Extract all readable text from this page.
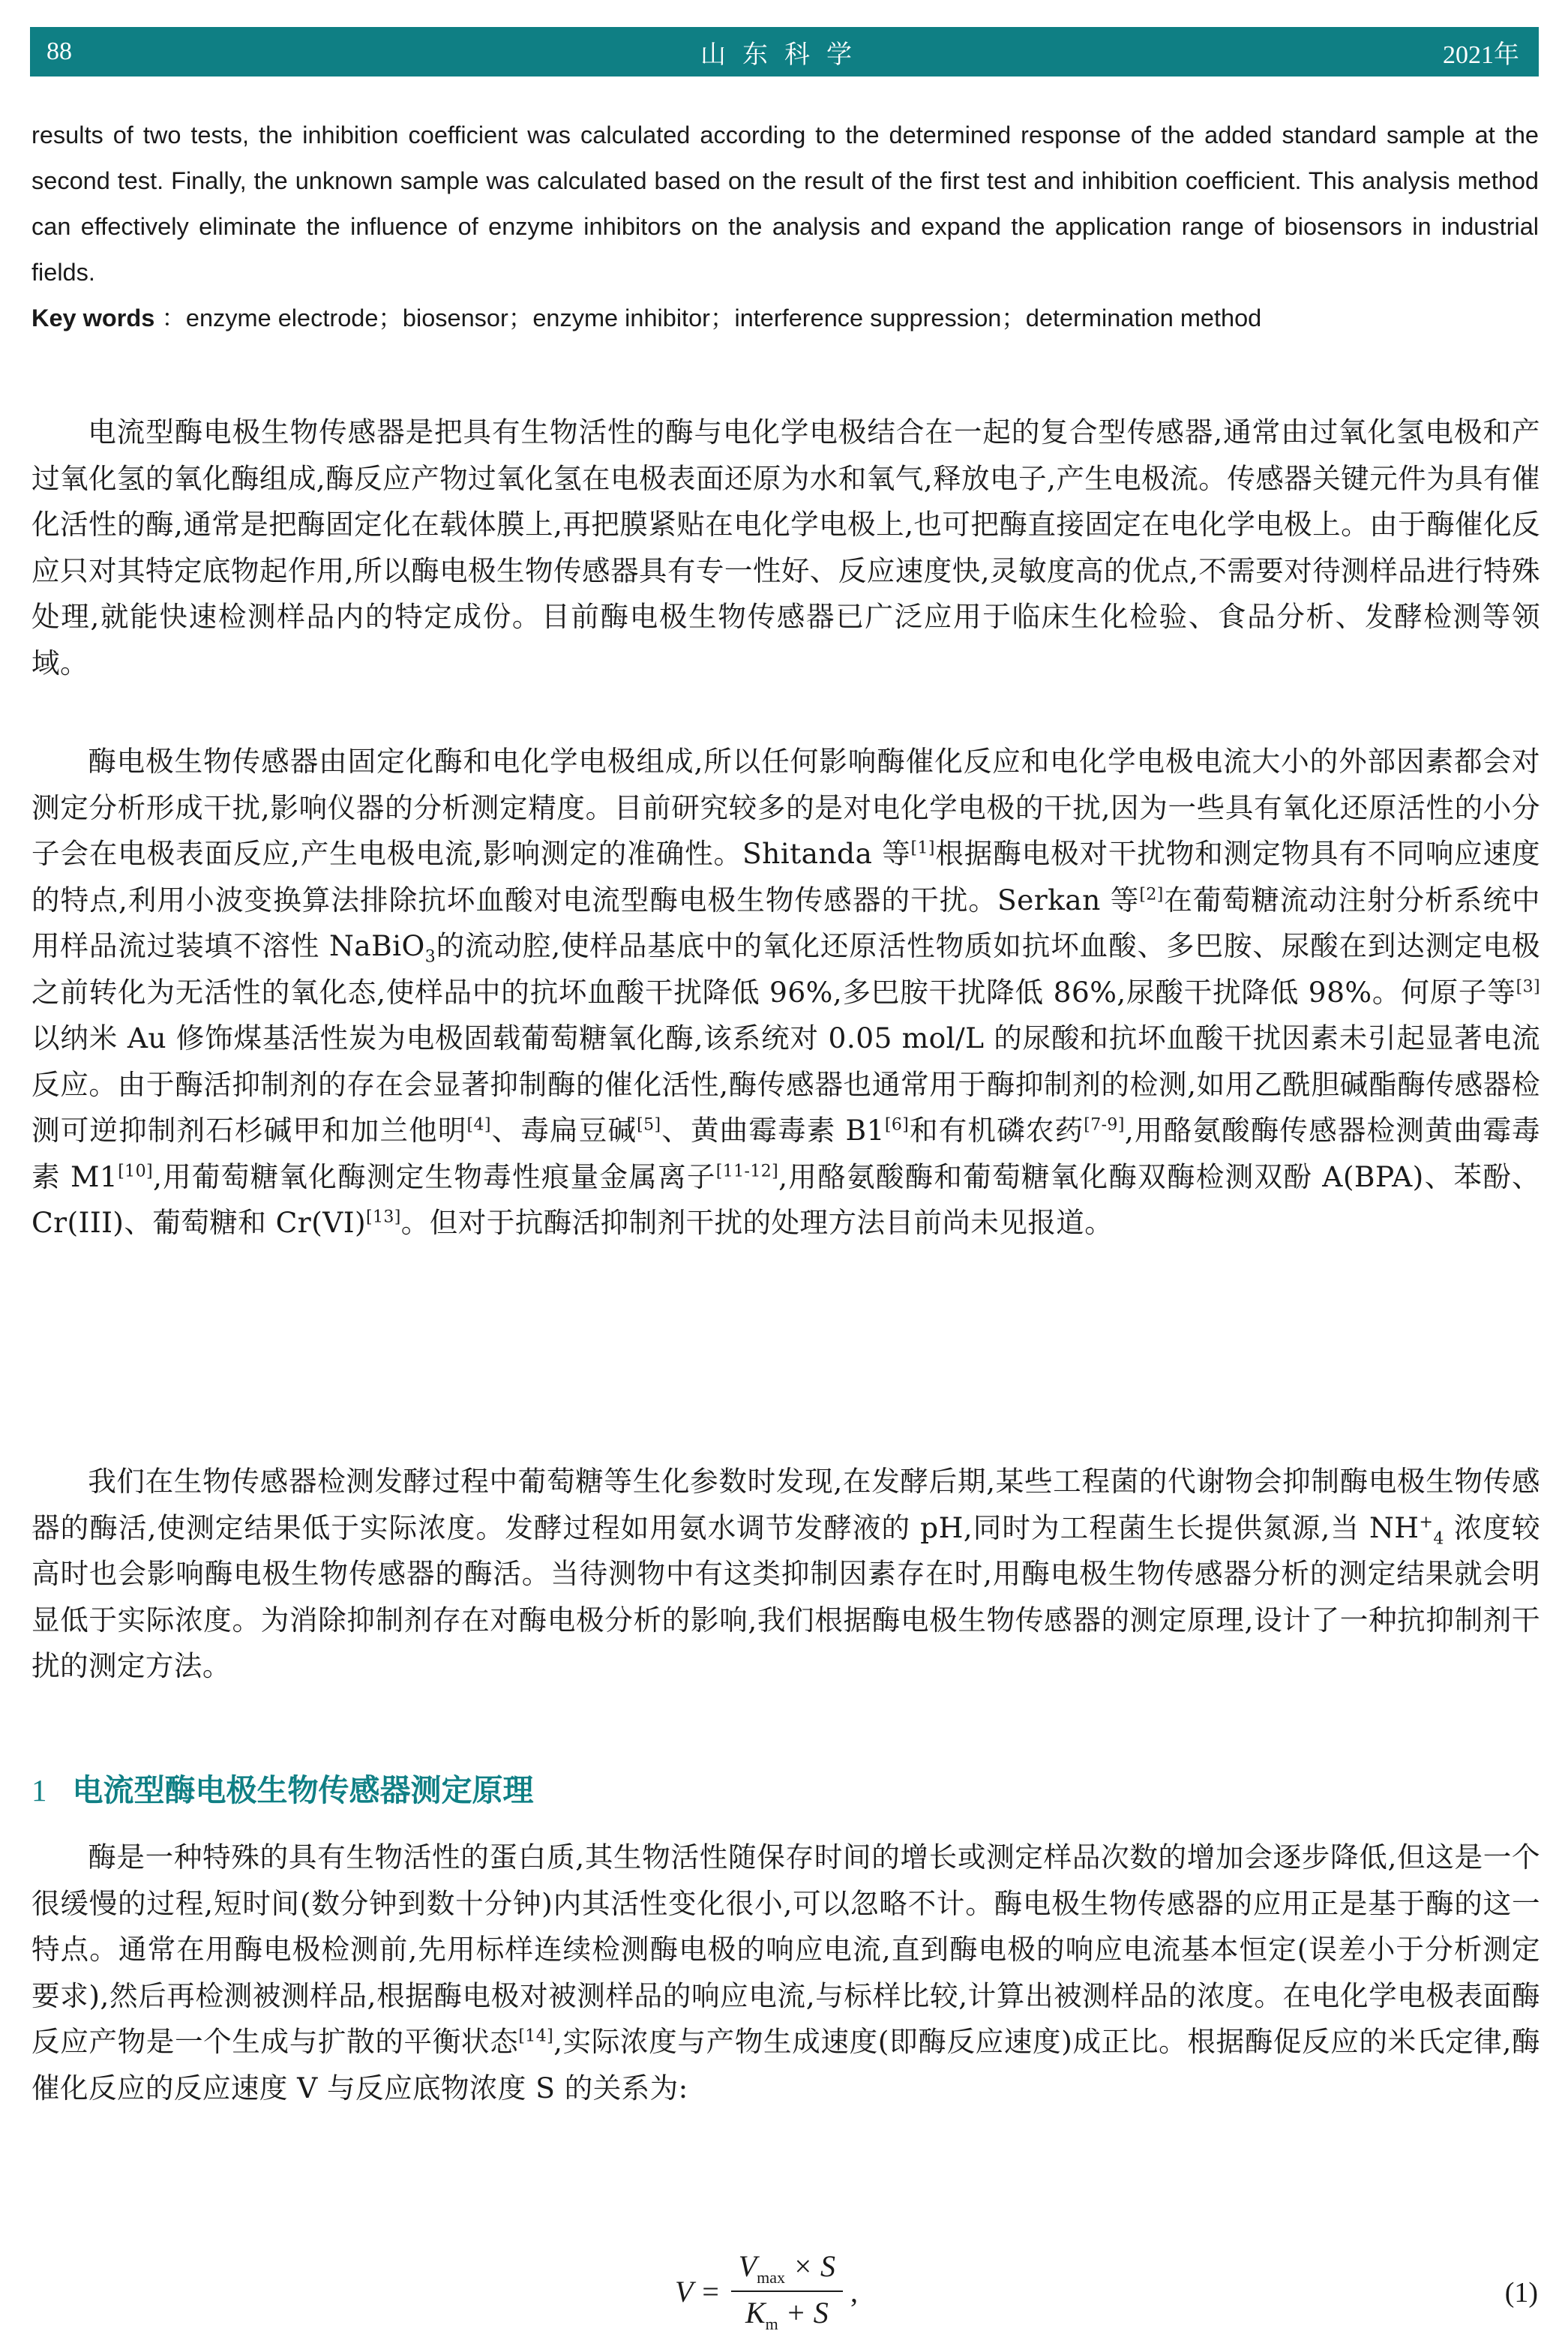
88	山东科学	2021年
results of two tests, the inhibition coefficient was calculated according to the determined response of the added standard sample at the second test. Finally, the unknown sample was calculated based on the result of the first test and inhibition coefficient. This analysis method can effectively eliminate the influence of enzyme inhibitors on the analysis and expand the application range of biosensors in industrial fields.
Key words ：enzyme electrode；biosensor；enzyme inhibitor；interference suppression；determination method
电流型酶电极生物传感器是把具有生物活性的酶与电化学电极结合在一起的复合型传感器,通常由过氧化氢电极和产过氧化氢的氧化酶组成,酶反应产物过氧化氢在电极表面还原为水和氧气,释放电子,产生电极流。传感器关键元件为具有催化活性的酶,通常是把酶固定化在载体膜上,再把膜紧贴在电化学电极上,也可把酶直接固定在电化学电极上。由于酶催化反应只对其特定底物起作用,所以酶电极生物传感器具有专一性好、反应速度快,灵敏度高的优点,不需要对待测样品进行特殊处理,就能快速检测样品内的特定成份。目前酶电极生物传感器已广泛应用于临床生化检验、食品分析、发酵检测等领域。
酶电极生物传感器由固定化酶和电化学电极组成,所以任何影响酶催化反应和电化学电极电流大小的外部因素都会对测定分析形成干扰,影响仪器的分析测定精度。目前研究较多的是对电化学电极的干扰,因为一些具有氧化还原活性的小分子会在电极表面反应,产生电极电流,影响测定的准确性。Shitanda 等[1]根据酶电极对干扰物和测定物具有不同响应速度的特点,利用小波变换算法排除抗坏血酸对电流型酶电极生物传感器的干扰。Serkan 等[2]在葡萄糖流动注射分析系统中用样品流过装填不溶性 NaBiO$_3$的流动腔,使样品基底中的氧化还原活性物质如抗坏血酸、多巴胺、尿酸在到达测定电极之前转化为无活性的氧化态,使样品中的抗坏血酸干扰降低 96%,多巴胺干扰降低 86%,尿酸干扰降低 98%。何原子等[3]以纳米 Au 修饰煤基活性炭为电极固载葡萄糖氧化酶,该系统对 0.05 mol/L 的尿酸和抗坏血酸干扰因素未引起显著电流反应。由于酶活抑制剂的存在会显著抑制酶的催化活性,酶传感器也通常用于酶抑制剂的检测,如用乙酰胆碱酯酶传感器检测可逆抑制剂石杉碱甲和加兰他明[4]、毒扁豆碱[5]、黄曲霉毒素 B1[6]和有机磷农药[7-9],用酪氨酸酶传感器检测黄曲霉毒素 M1[10],用葡萄糖氧化酶测定生物毒性痕量金属离子[11-12],用酪氨酸酶和葡萄糖氧化酶双酶检测双酚 A(BPA)、苯酚、Cr(III)、葡萄糖和 Cr(VI)[13]。但对于抗酶活抑制剂干扰的处理方法目前尚未见报道。
我们在生物传感器检测发酵过程中葡萄糖等生化参数时发现,在发酵后期,某些工程菌的代谢物会抑制酶电极生物传感器的酶活,使测定结果低于实际浓度。发酵过程如用氨水调节发酵液的 pH,同时为工程菌生长提供氮源,当 $NH^+_4$ 浓度较高时也会影响酶电极生物传感器的酶活。当待测物中有这类抑制因素存在时,用酶电极生物传感器分析的测定结果就会明显低于实际浓度。为消除抑制剂存在对酶电极分析的影响,我们根据酶电极生物传感器的测定原理,设计了一种抗抑制剂干扰的测定方法。
1 电流型酶电极生物传感器测定原理
酶是一种特殊的具有生物活性的蛋白质,其生物活性随保存时间的增长或测定样品次数的增加会逐步降低,但这是一个很缓慢的过程,短时间(数分钟到数十分钟)内其活性变化很小,可以忽略不计。酶电极生物传感器的应用正是基于酶的这一特点。通常在用酶电极检测前,先用标样连续检测酶电极的响应电流,直到酶电极的响应电流基本恒定(误差小于分析测定要求),然后再检测被测样品,根据酶电极对被测样品的响应电流,与标样比较,计算出被测样品的浓度。在电化学电极表面酶反应产物是一个生成与扩散的平衡状态[14],实际浓度与产物生成速度(即酶反应速度)成正比。根据酶促反应的米氏定律,酶催化反应的反应速度 V 与反应底物浓度 S 的关系为:
$V = \frac{V_{max} \times S}{K_m + S}$ ,	(1)
